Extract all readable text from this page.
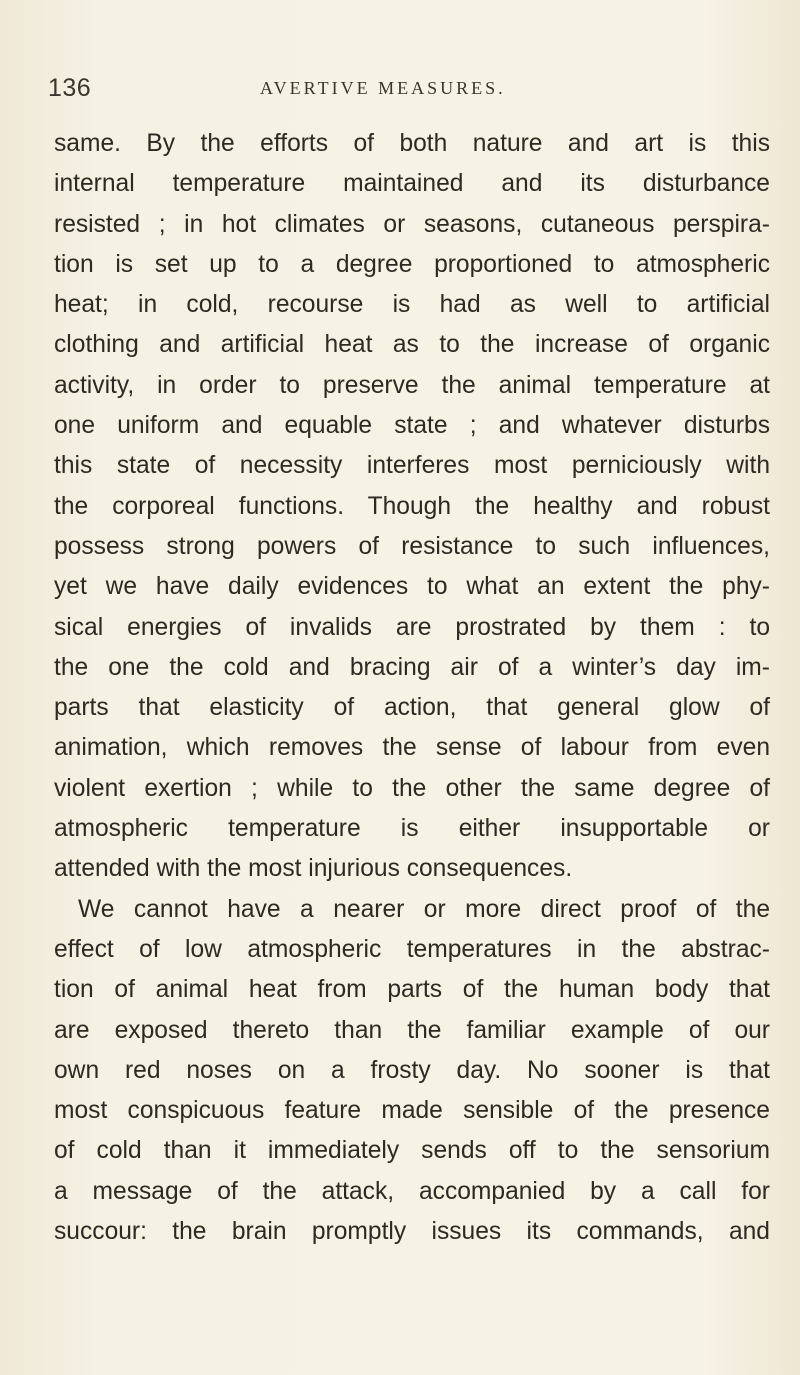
136	AVERTIVE MEASURES.
same. By the efforts of both nature and art is this
internal temperature maintained and its disturbance
resisted ; in hot climates or seasons, cutaneous perspira-
tion is set up to a degree proportioned to atmospheric
heat; in cold, recourse is had as well to artificial
clothing and artificial heat as to the increase of organic
activity, in order to preserve the animal temperature at
one uniform and equable state ; and whatever disturbs
this state of necessity interferes most perniciously with
the corporeal functions. Though the healthy and robust
possess strong powers of resistance to such influences,
yet we have daily evidences to what an extent the phy-
sical energies of invalids are prostrated by them : to
the one the cold and bracing air of a winter’s day im-
parts that elasticity of action, that general glow of
animation, which removes the sense of labour from even
violent exertion ; while to the other the same degree of
atmospheric temperature is either insupportable or
attended with the most injurious consequences.
We cannot have a nearer or more direct proof of the
effect of low atmospheric temperatures in the abstrac-
tion of animal heat from parts of the human body that
are exposed thereto than the familiar example of our
own red noses on a frosty day. No sooner is that
most conspicuous feature made sensible of the presence
of cold than it immediately sends off to the sensorium
a message of the attack, accompanied by a call for
succour: the brain promptly issues its commands, and
